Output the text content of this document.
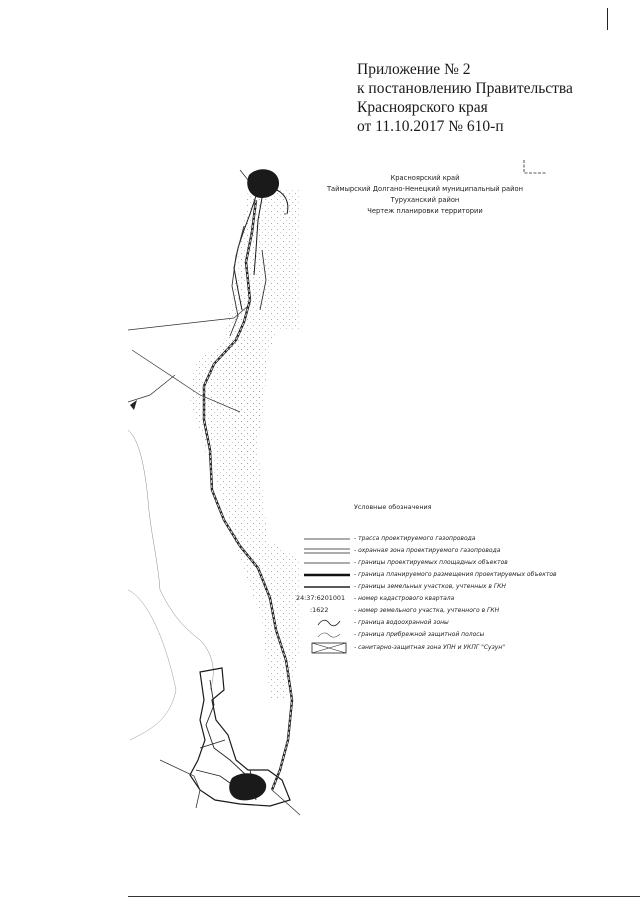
Приложение № 2
к постановлению Правительства
Красноярского края
от 11.10.2017 № 610-п
Красноярский край
Таймырский Долгано-Ненецкий муниципальный район
Туруханский район
Чертеж планировки территории
Условные обозначения
- трасса проектируемого газопровода
- охранная зона проектируемого газопровода
- границы проектируемых площадных объектов
- граница планируемого размещения проектируемых объектов
- границы земельных участков, учтенных в ГКН
24:37:6201001 - номер кадастрового квартала
:1622	- номер земельного участка, учтенного в ГКН
- граница водоохранной зоны
- граница прибрежной защитной полосы
- санитарно-защитная зона УПН и УКПГ "Сузун"
